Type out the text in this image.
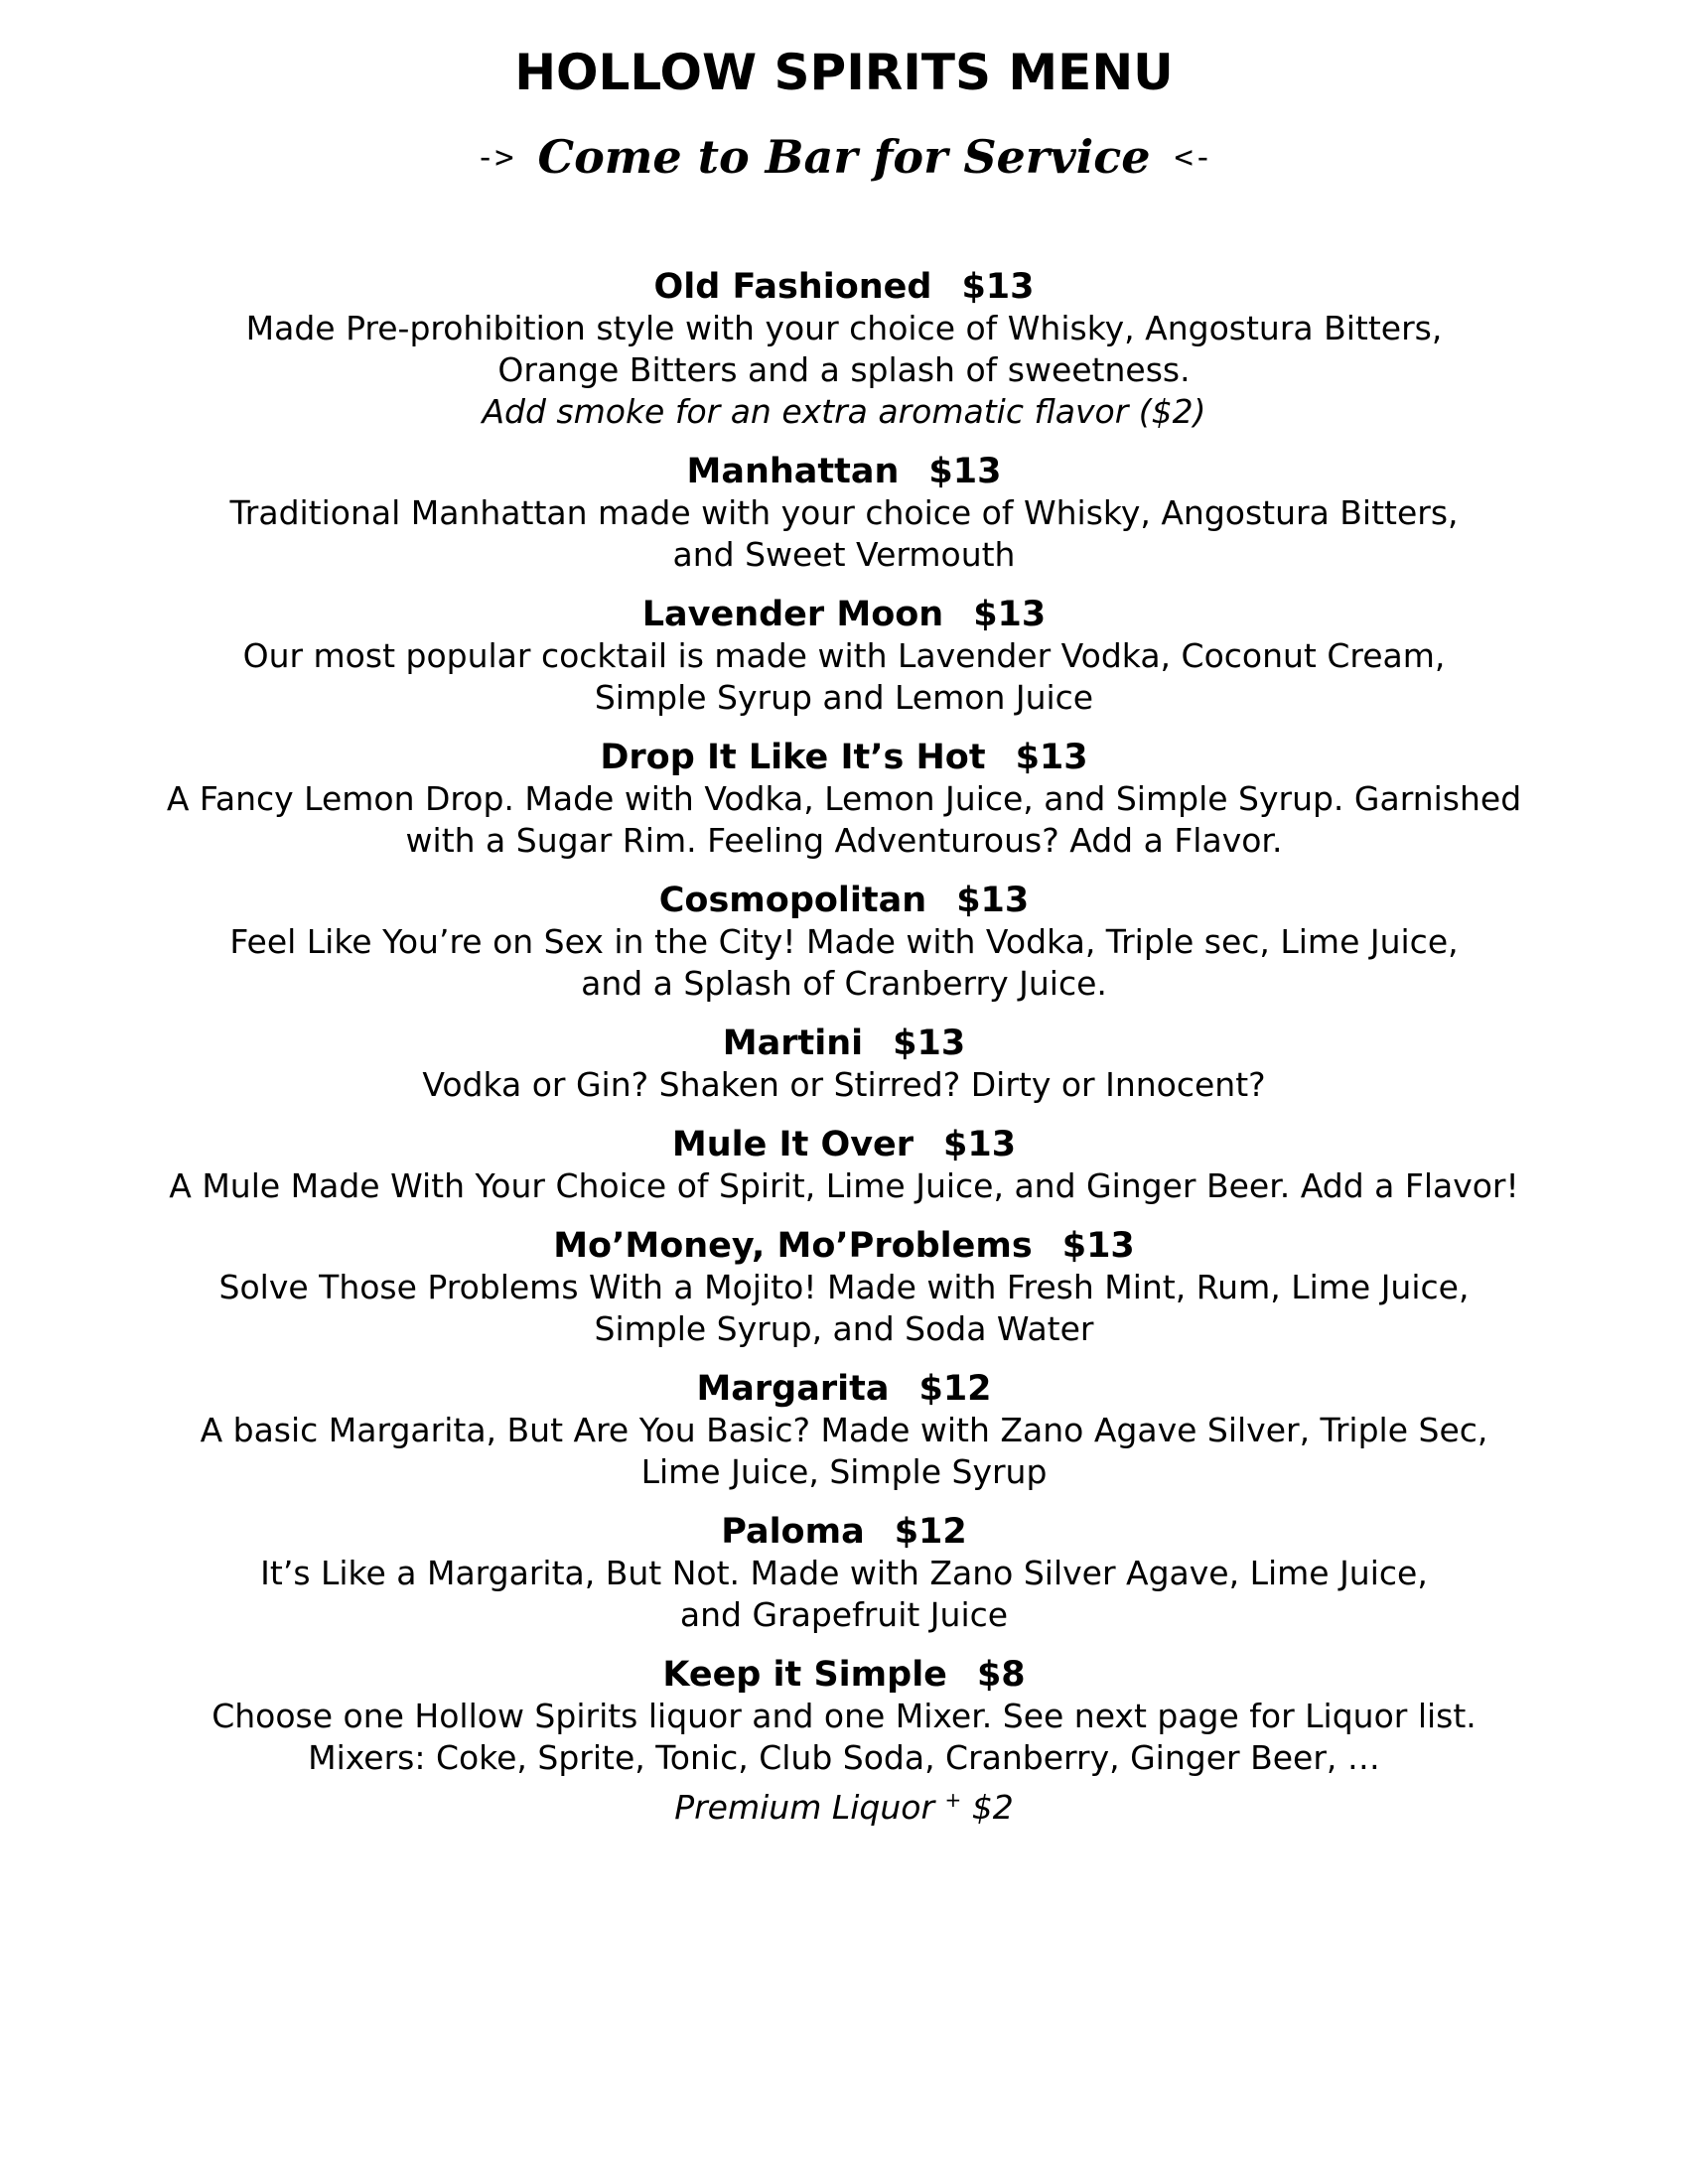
HOLLOW SPIRITS MENU
-> Come to Bar for Service <-
Old Fashioned $13
Made Pre-prohibition style with your choice of Whisky, Angostura Bitters,
Orange Bitters and a splash of sweetness.
Add smoke for an extra aromatic flavor ($2)
Manhattan $13
Traditional Manhattan made with your choice of Whisky, Angostura Bitters,
and Sweet Vermouth
Lavender Moon $13
Our most popular cocktail is made with Lavender Vodka, Coconut Cream,
Simple Syrup and Lemon Juice
Drop It Like It’s Hot $13
A Fancy Lemon Drop. Made with Vodka, Lemon Juice, and Simple Syrup. Garnished
with a Sugar Rim. Feeling Adventurous? Add a Flavor.
Cosmopolitan $13
Feel Like You’re on Sex in the City! Made with Vodka, Triple sec, Lime Juice,
and a Splash of Cranberry Juice.
Martini $13
Vodka or Gin? Shaken or Stirred? Dirty or Innocent?
Mule It Over $13
A Mule Made With Your Choice of Spirit, Lime Juice, and Ginger Beer. Add a Flavor!
Mo’Money, Mo’Problems $13
Solve Those Problems With a Mojito! Made with Fresh Mint, Rum, Lime Juice,
Simple Syrup, and Soda Water
Margarita $12
A basic Margarita, But Are You Basic? Made with Zano Agave Silver, Triple Sec,
Lime Juice, Simple Syrup
Paloma $12
It’s Like a Margarita, But Not. Made with Zano Silver Agave, Lime Juice,
and Grapefruit Juice
Keep it Simple $8
Choose one Hollow Spirits liquor and one Mixer. See next page for Liquor list.
Mixers: Coke, Sprite, Tonic, Club Soda, Cranberry, Ginger Beer, …
Premium Liquor + $2
